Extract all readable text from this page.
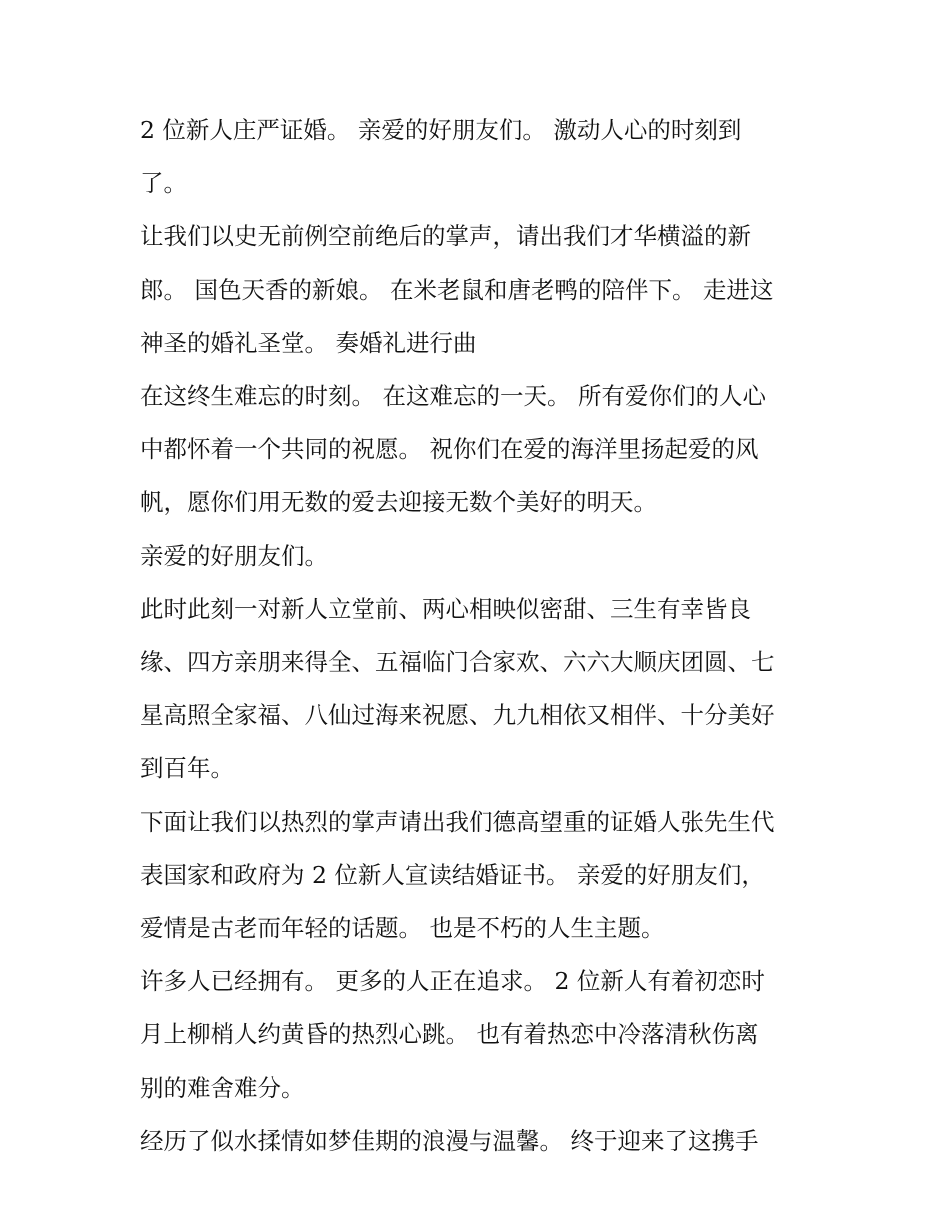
2 位新人庄严证婚。 亲爱的好朋友们。 激动人心的时刻到
了。

让我们以史无前例空前绝后的掌声，请出我们才华横溢的新
郎。 国色天香的新娘。 在米老鼠和唐老鸭的陪伴下。 走进这
神圣的婚礼圣堂。 奏婚礼进行曲

在这终生难忘的时刻。 在这难忘的一天。 所有爱你们的人心
中都怀着一个共同的祝愿。 祝你们在爱的海洋里扬起爱的风
帆，愿你们用无数的爱去迎接无数个美好的明天。

亲爱的好朋友们。

此时此刻一对新人立堂前、两心相映似密甜、三生有幸皆良
缘、四方亲朋来得全、五福临门合家欢、六六大顺庆团圆、七
星高照全家福、八仙过海来祝愿、九九相依又相伴、十分美好
到百年。

下面让我们以热烈的掌声请出我们德高望重的证婚人张先生代
表国家和政府为 2 位新人宣读结婚证书。 亲爱的好朋友们，
爱情是古老而年轻的话题。 也是不朽的人生主题。

许多人已经拥有。 更多的人正在追求。 2 位新人有着初恋时
月上柳梢人约黄昏的热烈心跳。 也有着热恋中冷落清秋伤离
别的难舍难分。

经历了似水揉情如梦佳期的浪漫与温馨。 终于迎来了这携手
